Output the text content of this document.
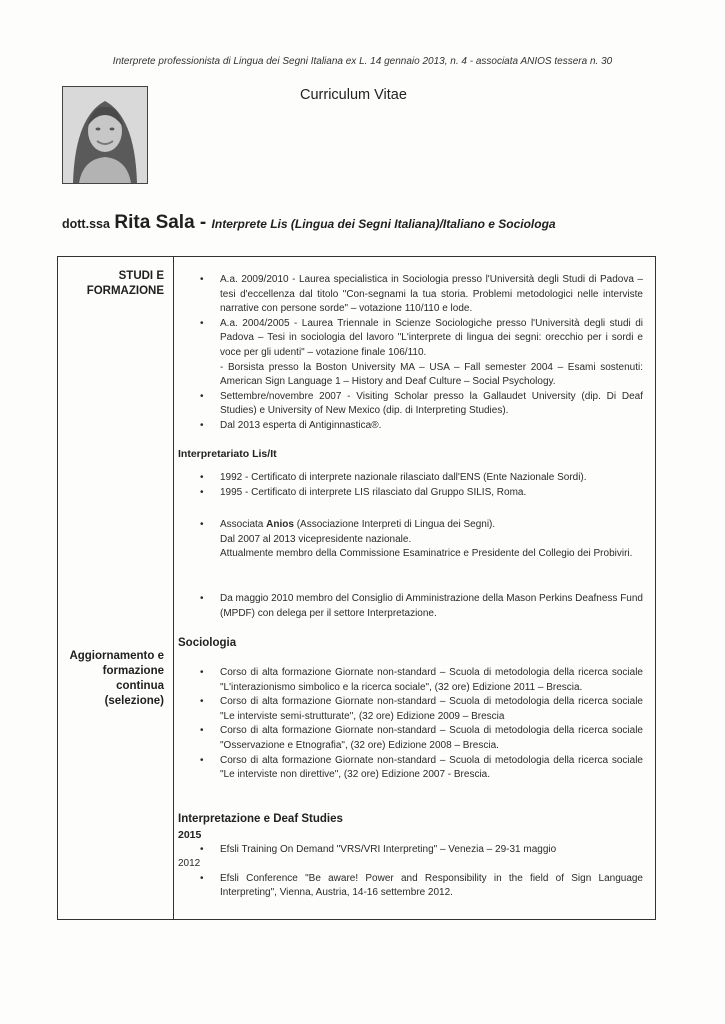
Interprete professionista di Lingua dei Segni Italiana ex L. 14 gennaio 2013, n. 4 - associata ANIOS tessera n. 30
Curriculum Vitae
dott.ssa Rita Sala - Interprete Lis (Lingua dei Segni Italiana)/Italiano e Sociologa
STUDI E
FORMAZIONE
Aggiornamento e
formazione
continua
(selezione)
• A.a. 2009/2010 - Laurea specialistica in Sociologia presso l'Università degli Studi di Padova – tesi d'eccellenza dal titolo "Con-segnami la tua storia. Problemi metodologici nelle interviste narrative con persone sorde" – votazione 110/110 e lode.
• A.a. 2004/2005 - Laurea Triennale in Scienze Sociologiche presso l'Università degli studi di Padova – Tesi in sociologia del lavoro "L'interprete di lingua dei segni: orecchio per i sordi e voce per gli udenti" – votazione finale 106/110.
- Borsista presso la Boston University MA – USA – Fall semester 2004 – Esami sostenuti: American Sign Language 1 – History and Deaf Culture – Social Psychology.
• Settembre/novembre 2007 - Visiting Scholar presso la Gallaudet University (dip. Di Deaf Studies) e University of New Mexico (dip. di Interpreting Studies).
• Dal 2013 esperta di Antiginnastica®.
Interpretariato Lis/It
• 1992 - Certificato di interprete nazionale rilasciato dall'ENS (Ente Nazionale Sordi).
• 1995 - Certificato di interprete LIS rilasciato dal Gruppo SILIS, Roma.
• Associata Anios (Associazione Interpreti di Lingua dei Segni).
Dal 2007 al 2013 vicepresidente nazionale.
Attualmente membro della Commissione Esaminatrice e Presidente del Collegio dei Probiviri.
• Da maggio 2010 membro del Consiglio di Amministrazione della Mason Perkins Deafness Fund (MPDF) con delega per il settore Interpretazione.
Sociologia
• Corso di alta formazione Giornate non-standard – Scuola di metodologia della ricerca sociale "L'interazionismo simbolico e la ricerca sociale", (32 ore) Edizione 2011 – Brescia.
• Corso di alta formazione Giornate non-standard – Scuola di metodologia della ricerca sociale "Le interviste semi-strutturate", (32 ore) Edizione 2009 – Brescia
• Corso di alta formazione Giornate non-standard – Scuola di metodologia della ricerca sociale "Osservazione e Etnografia", (32 ore) Edizione 2008 – Brescia.
• Corso di alta formazione Giornate non-standard – Scuola di metodologia della ricerca sociale "Le interviste non direttive", (32 ore) Edizione 2007 - Brescia.
Interpretazione e Deaf Studies
2015
• Efsli Training On Demand "VRS/VRI Interpreting" – Venezia – 29-31 maggio
2012
• Efsli Conference "Be aware! Power and Responsibility in the field of Sign Language Interpreting", Vienna, Austria, 14-16 settembre 2012.
